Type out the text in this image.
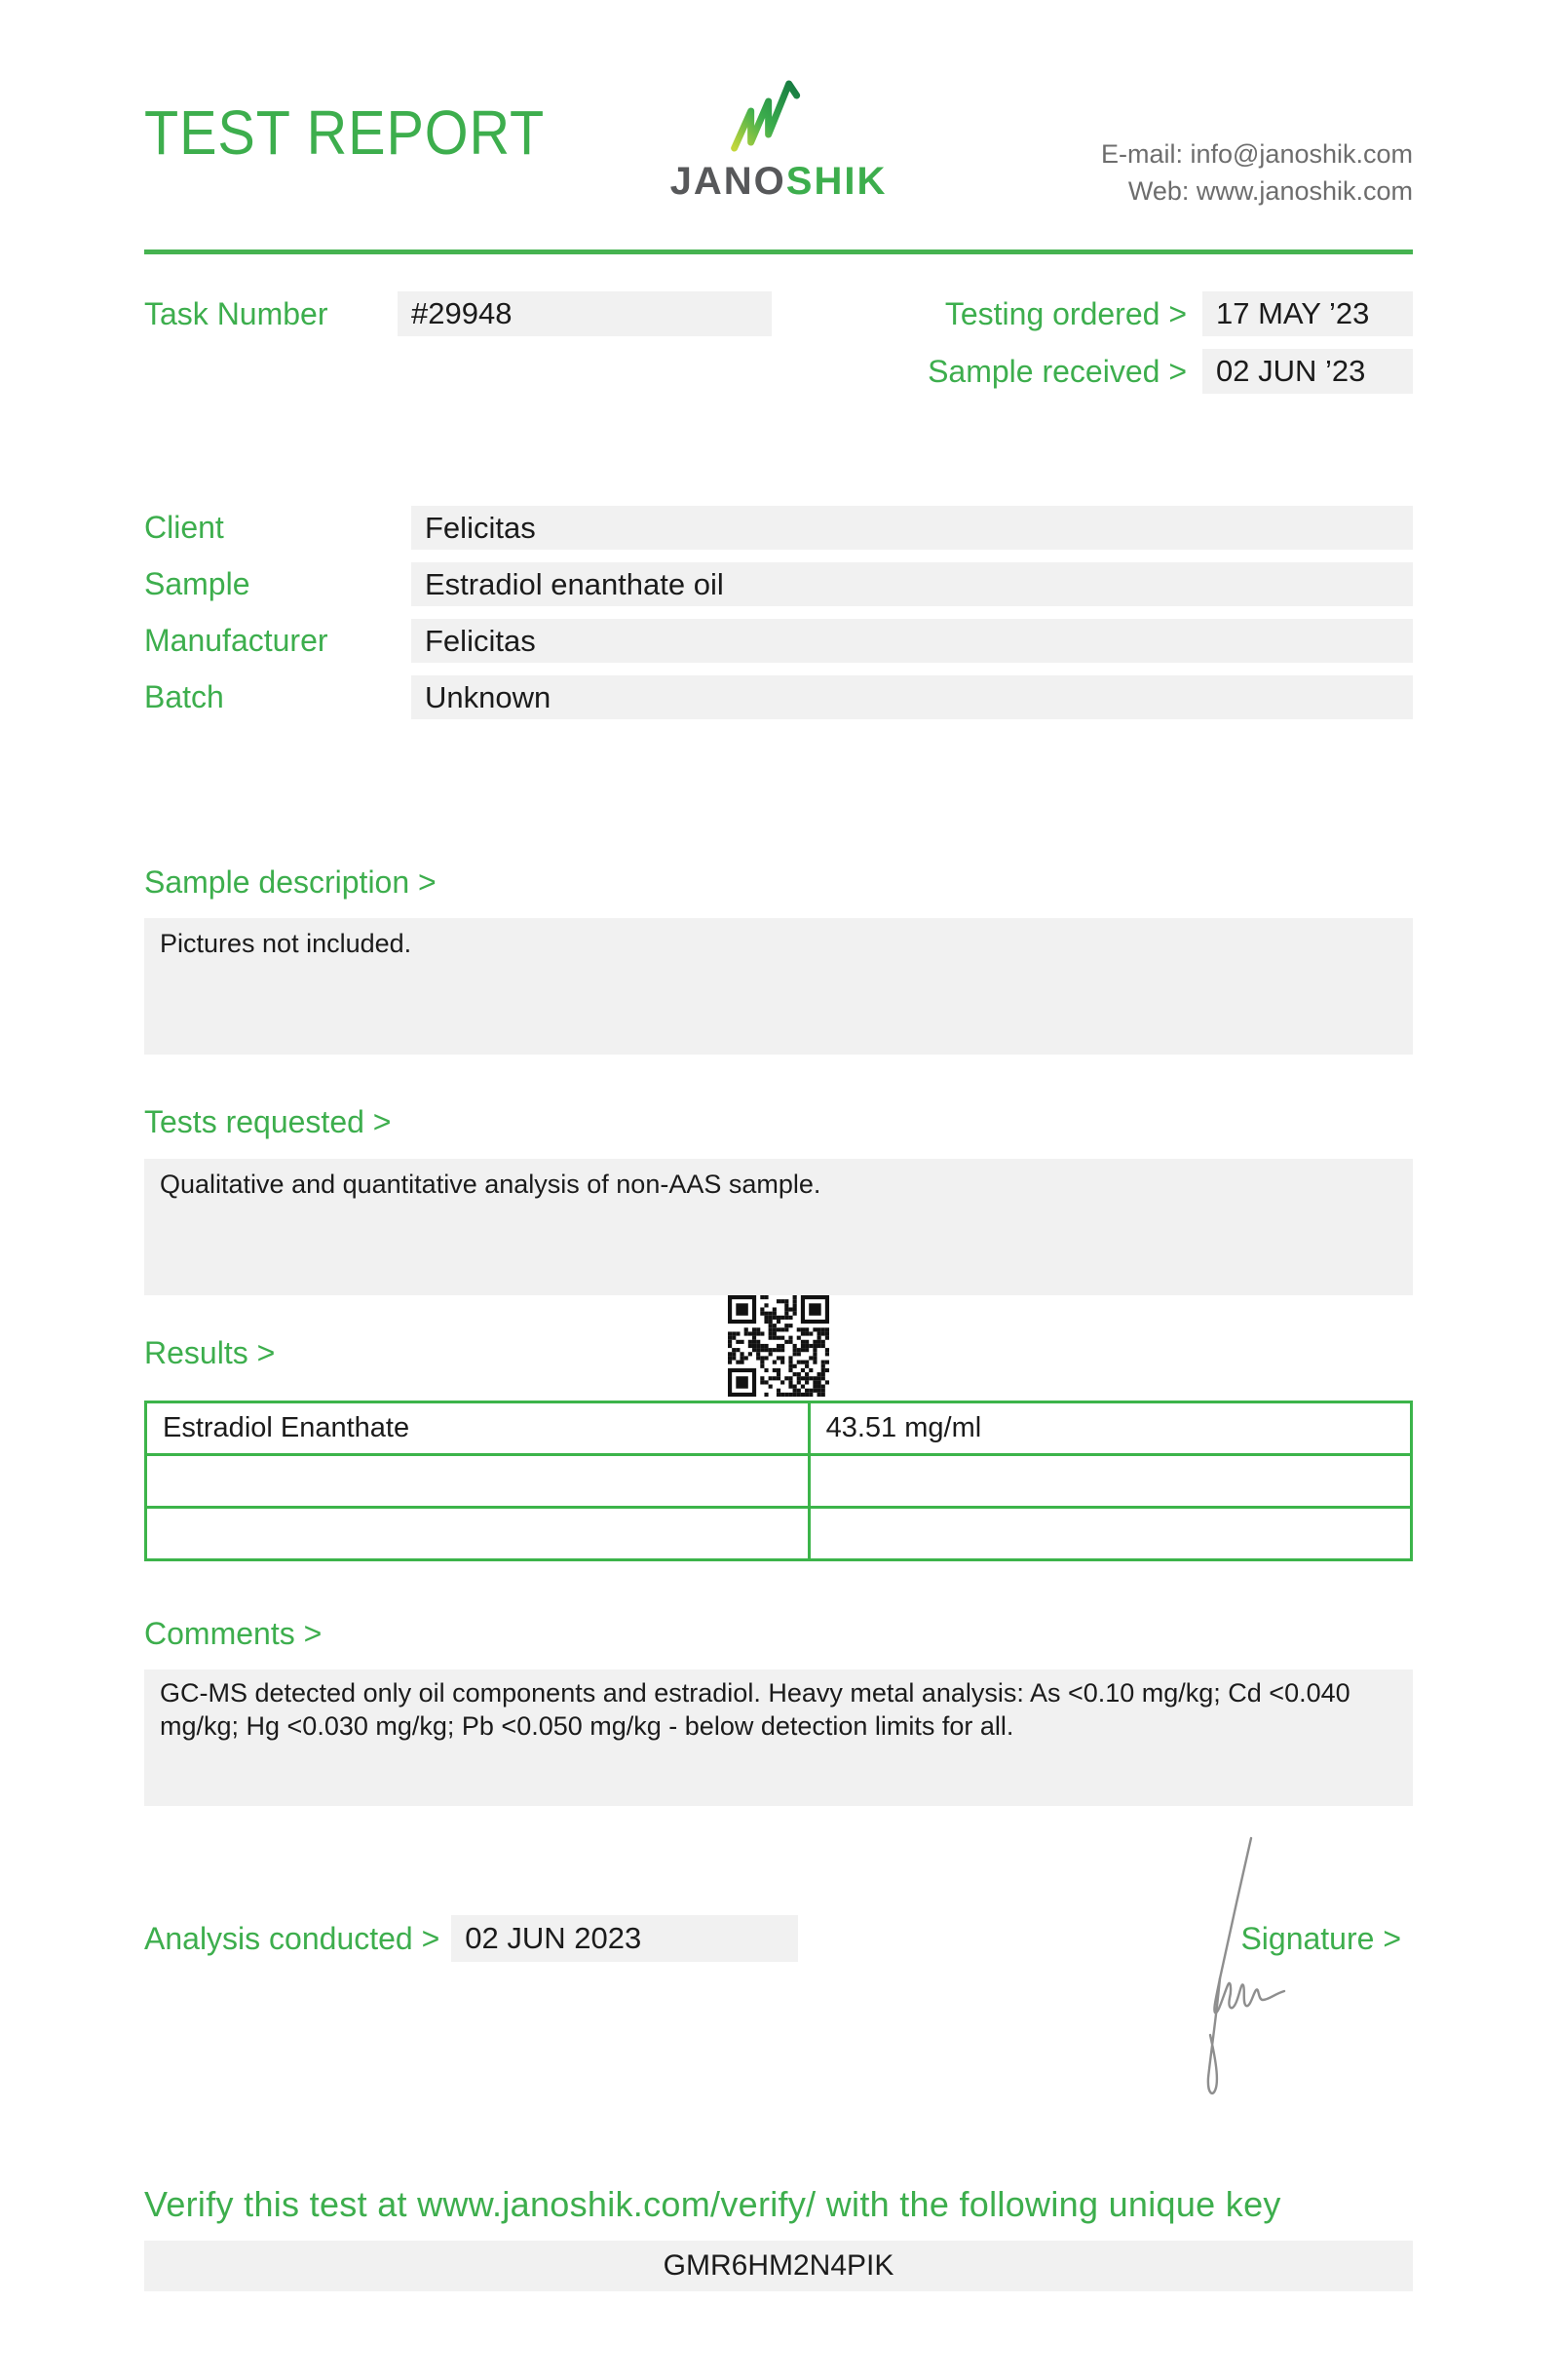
TEST REPORT
JANOSHIK
E-mail: info@janoshik.com
Web: www.janoshik.com
Task Number	#29948	Testing ordered > 17 MAY ’23
Sample received > 02 JUN ’23
Client	Felicitas
Sample	Estradiol enanthate oil
Manufacturer	Felicitas
Batch	Unknown
Sample description >
Pictures not included.
Tests requested >
Qualitative and quantitative analysis of non-AAS sample.
Results >
Estradiol Enanthate	43.51 mg/ml

Comments >
GC-MS detected only oil components and estradiol. Heavy metal analysis: As <0.10 mg/kg; Cd <0.040 mg/kg; Hg <0.030 mg/kg; Pb <0.050 mg/kg - below detection limits for all.
Analysis conducted > 02 JUN 2023	Signature >
Verify this test at www.janoshik.com/verify/ with the following unique key
GMR6HM2N4PIK
